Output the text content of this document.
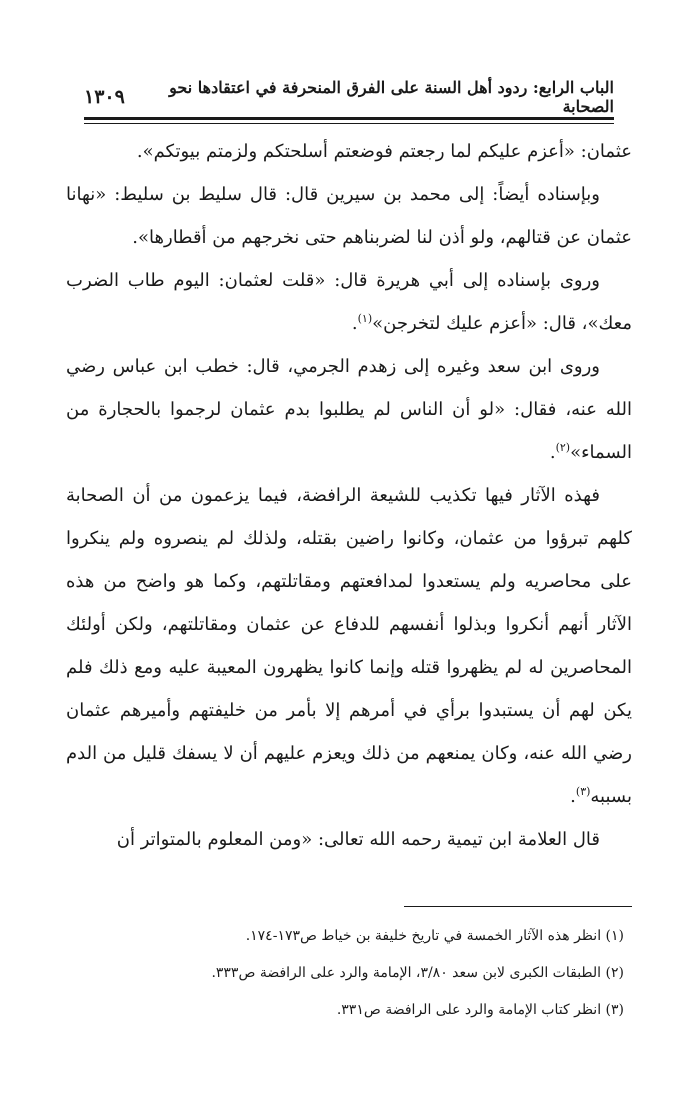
الباب الرابع: ردود أهل السنة على الفرق المنحرفة في اعتقادها نحو الصحابة
١٣٠٩

عثمان: «أعزم عليكم لما رجعتم فوضعتم أسلحتكم ولزمتم بيوتكم».

وبإسناده أيضاً: إلى محمد بن سيرين قال: قال سليط بن سليط: «نهانا عثمان عن قتالهم، ولو أذن لنا لضربناهم حتى نخرجهم من أقطارها».

وروى بإسناده إلى أبي هريرة قال: «قلت لعثمان: اليوم طاب الضرب معك»، قال: «أعزم عليك لتخرجن»$^{(١)}$.

وروى ابن سعد وغيره إلى زهدم الجرمي، قال: خطب ابن عباس رضي الله عنه، فقال: «لو أن الناس لم يطلبوا بدم عثمان لرجموا بالحجارة من السماء»$^{(٢)}$.

فهذه الآثار فيها تكذيب للشيعة الرافضة، فيما يزعمون من أن الصحابة كلهم تبرؤوا من عثمان، وكانوا راضين بقتله، ولذلك لم ينصروه ولم ينكروا على محاصريه ولم يستعدوا لمدافعتهم ومقاتلتهم، وكما هو واضح من هذه الآثار أنهم أنكروا وبذلوا أنفسهم للدفاع عن عثمان ومقاتلتهم، ولكن أولئك المحاصرين له لم يظهروا قتله وإنما كانوا يظهرون المعيبة عليه ومع ذلك فلم يكن لهم أن يستبدوا برأي في أمرهم إلا بأمر من خليفتهم وأميرهم عثمان رضي الله عنه، وكان يمنعهم من ذلك ويعزم عليهم أن لا يسفك قليل من الدم بسببه$^{(٣)}$.

قال العلامة ابن تيمية رحمه الله تعالى: «ومن المعلوم بالمتواتر أن

(١) انظر هذه الآثار الخمسة في تاريخ خليفة بن خياط ص١٧٣-١٧٤.
(٢) الطبقات الكبرى لابن سعد ٣/٨٠، الإمامة والرد على الرافضة ص٣٣٣.
(٣) انظر كتاب الإمامة والرد على الرافضة ص٣٣١.
